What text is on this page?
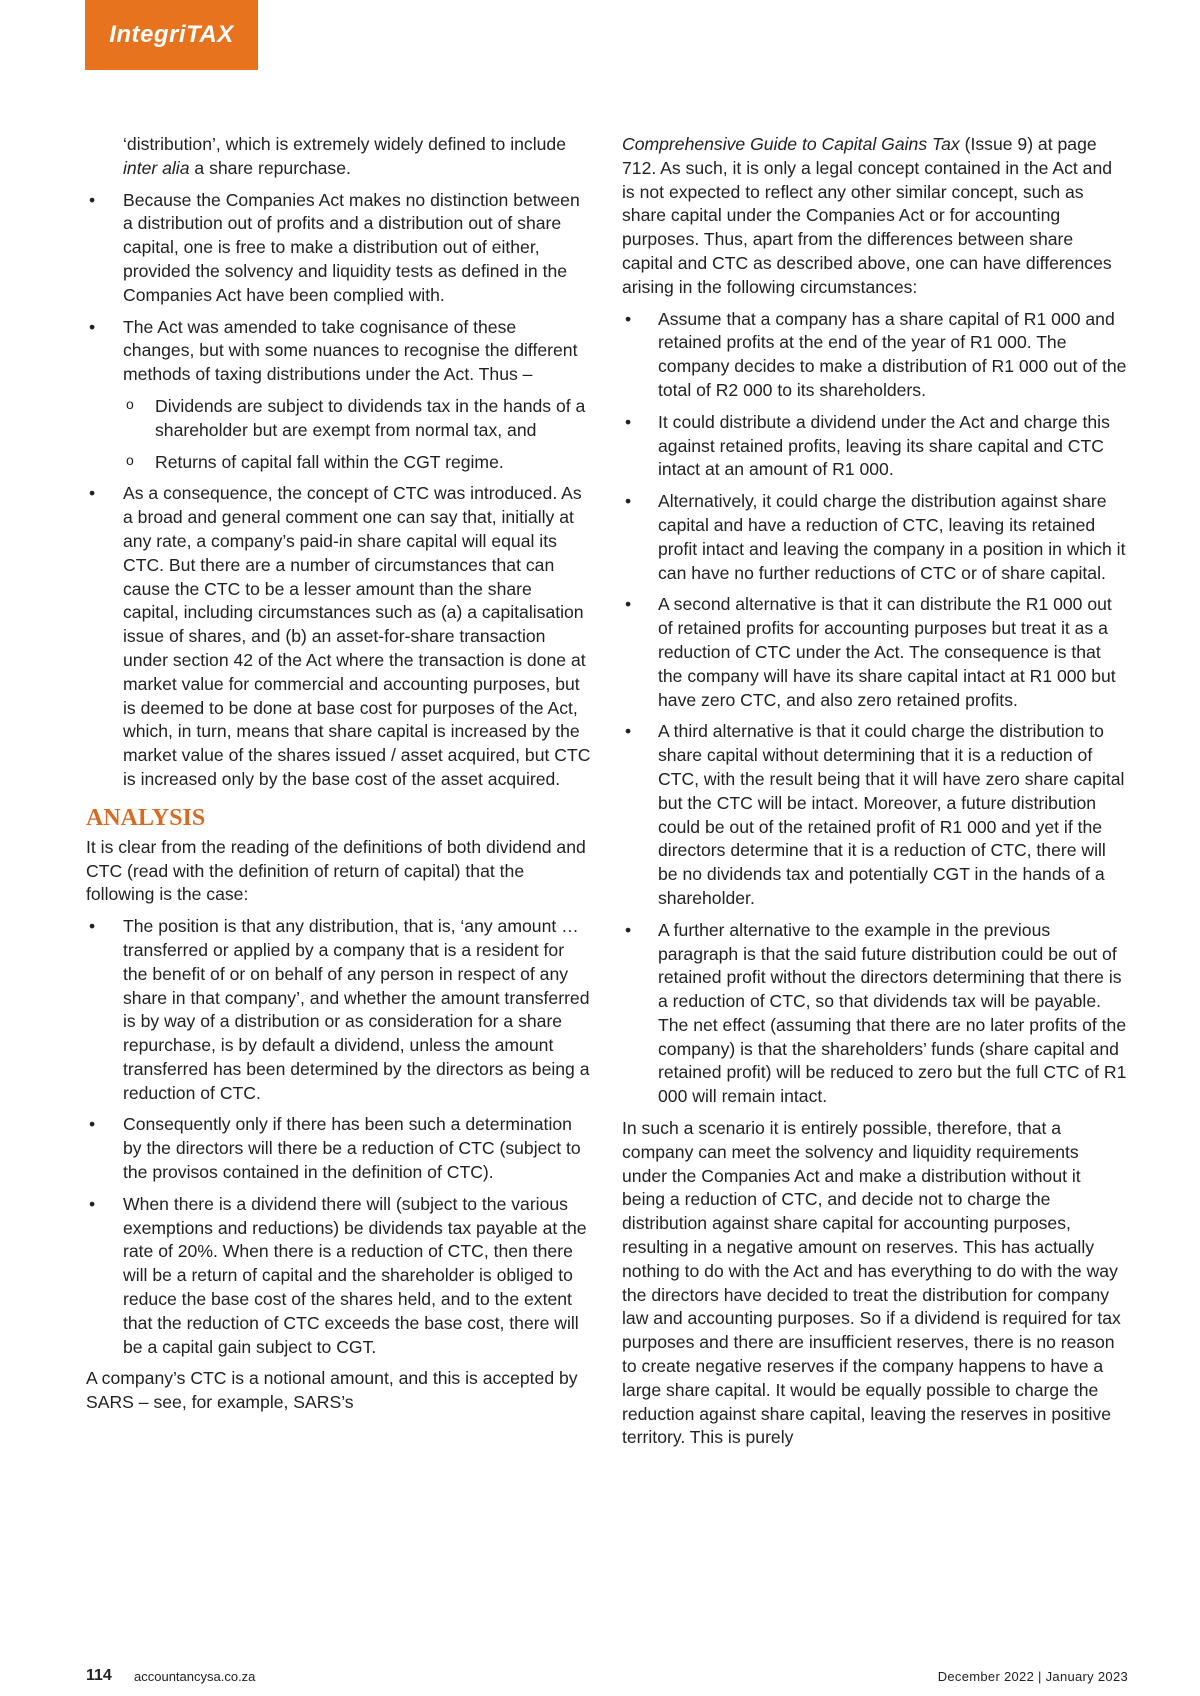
IntegriTAX

‘distribution’, which is extremely widely defined to include inter alia a share repurchase.

• Because the Companies Act makes no distinction between a distribution out of profits and a distribution out of share capital, one is free to make a distribution out of either, provided the solvency and liquidity tests as defined in the Companies Act have been complied with.
• The Act was amended to take cognisance of these changes, but with some nuances to recognise the different methods of taxing distributions under the Act. Thus –
o Dividends are subject to dividends tax in the hands of a shareholder but are exempt from normal tax, and
o Returns of capital fall within the CGT regime.
• As a consequence, the concept of CTC was introduced. As a broad and general comment one can say that, initially at any rate, a company’s paid-in share capital will equal its CTC. But there are a number of circumstances that can cause the CTC to be a lesser amount than the share capital, including circumstances such as (a) a capitalisation issue of shares, and (b) an asset-for-share transaction under section 42 of the Act where the transaction is done at market value for commercial and accounting purposes, but is deemed to be done at base cost for purposes of the Act, which, in turn, means that share capital is increased by the market value of the shares issued / asset acquired, but CTC is increased only by the base cost of the asset acquired.
ANALYSIS

It is clear from the reading of the definitions of both dividend and CTC (read with the definition of return of capital) that the following is the case:

• The position is that any distribution, that is, ‘any amount … transferred or applied by a company that is a resident for the benefit of or on behalf of any person in respect of any share in that company’, and whether the amount transferred is by way of a distribution or as consideration for a share repurchase, is by default a dividend, unless the amount transferred has been determined by the directors as being a reduction of CTC.
• Consequently only if there has been such a determination by the directors will there be a reduction of CTC (subject to the provisos contained in the definition of CTC).
• When there is a dividend there will (subject to the various exemptions and reductions) be dividends tax payable at the rate of 20%. When there is a reduction of CTC, then there will be a return of capital and the shareholder is obliged to reduce the base cost of the shares held, and to the extent that the reduction of CTC exceeds the base cost, there will be a capital gain subject to CGT.

A company’s CTC is a notional amount, and this is accepted by SARS – see, for example, SARS’s

Comprehensive Guide to Capital Gains Tax (Issue 9) at page 712. As such, it is only a legal concept contained in the Act and is not expected to reflect any other similar concept, such as share capital under the Companies Act or for accounting purposes. Thus, apart from the differences between share capital and CTC as described above, one can have differences arising in the following circumstances:

• Assume that a company has a share capital of R1 000 and retained profits at the end of the year of R1 000. The company decides to make a distribution of R1 000 out of the total of R2 000 to its shareholders.
• It could distribute a dividend under the Act and charge this against retained profits, leaving its share capital and CTC intact at an amount of R1 000.
• Alternatively, it could charge the distribution against share capital and have a reduction of CTC, leaving its retained profit intact and leaving the company in a position in which it can have no further reductions of CTC or of share capital.
• A second alternative is that it can distribute the R1 000 out of retained profits for accounting purposes but treat it as a reduction of CTC under the Act. The consequence is that the company will have its share capital intact at R1 000 but have zero CTC, and also zero retained profits.
• A third alternative is that it could charge the distribution to share capital without determining that it is a reduction of CTC, with the result being that it will have zero share capital but the CTC will be intact. Moreover, a future distribution could be out of the retained profit of R1 000 and yet if the directors determine that it is a reduction of CTC, there will be no dividends tax and potentially CGT in the hands of a shareholder.
• A further alternative to the example in the previous paragraph is that the said future distribution could be out of retained profit without the directors determining that there is a reduction of CTC, so that dividends tax will be payable. The net effect (assuming that there are no later profits of the company) is that the shareholders’ funds (share capital and retained profit) will be reduced to zero but the full CTC of R1 000 will remain intact.

In such a scenario it is entirely possible, therefore, that a company can meet the solvency and liquidity requirements under the Companies Act and make a distribution without it being a reduction of CTC, and decide not to charge the distribution against share capital for accounting purposes, resulting in a negative amount on reserves. This has actually nothing to do with the Act and has everything to do with the way the directors have decided to treat the distribution for company law and accounting purposes. So if a dividend is required for tax purposes and there are insufficient reserves, there is no reason to create negative reserves if the company happens to have a large share capital. It would be equally possible to charge the reduction against share capital, leaving the reserves in positive territory. This is purely

114 accountancysa.co.za	December 2022 | January 2023
